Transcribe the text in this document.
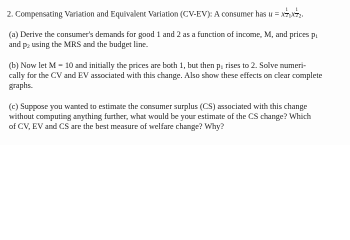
2. Compensating Variation and Equivalent Variation (CV-EV): A consumer has u = x $\frac{1}{2} _1x \frac{1}{2} _2$.
(a) Derive the consumer's demands for good 1 and 2 as a function of income, M, and prices $p_1$
and $p_2$ using the MRS and the budget line.
(b) Now let M = 10 and initially the prices are both 1, but then $p_1$ rises to 2. Solve numeri-
cally for the CV and EV associated with this change. Also show these effects on clear complete
graphs.
(c) Suppose you wanted to estimate the consumer surplus (CS) associated with this change
without computing anything further, what would be your estimate of the CS change? Which
of CV, EV and CS are the best measure of welfare change? Why?
